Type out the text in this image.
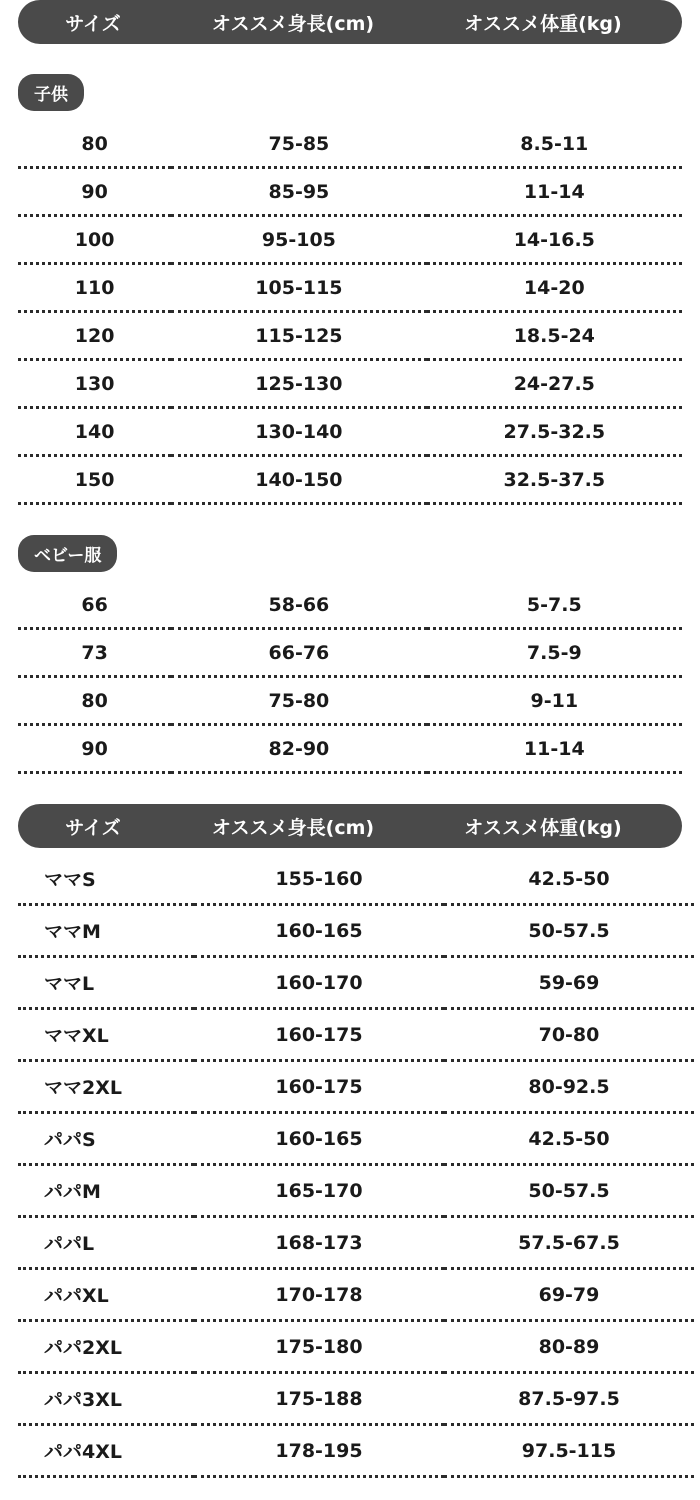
サイズ	オススメ身長(cm)	オススメ体重(kg)
子供
80	75-85	8.5-11
90	85-95	11-14
100	95-105	14-16.5
110	105-115	14-20
120	115-125	18.5-24
130	125-130	24-27.5
140	130-140	27.5-32.5
150	140-150	32.5-37.5
ベビー服
66	58-66	5-7.5
73	66-76	7.5-9
80	75-80	9-11
90	82-90	11-14
サイズ	オススメ身長(cm)	オススメ体重(kg)
ママS	155-160	42.5-50
ママM	160-165	50-57.5
ママL	160-170	59-69
ママXL	160-175	70-80
ママ2XL	160-175	80-92.5
パパS	160-165	42.5-50
パパM	165-170	50-57.5
パパL	168-173	57.5-67.5
パパXL	170-178	69-79
パパ2XL	175-180	80-89
パパ3XL	175-188	87.5-97.5
パパ4XL	178-195	97.5-115
